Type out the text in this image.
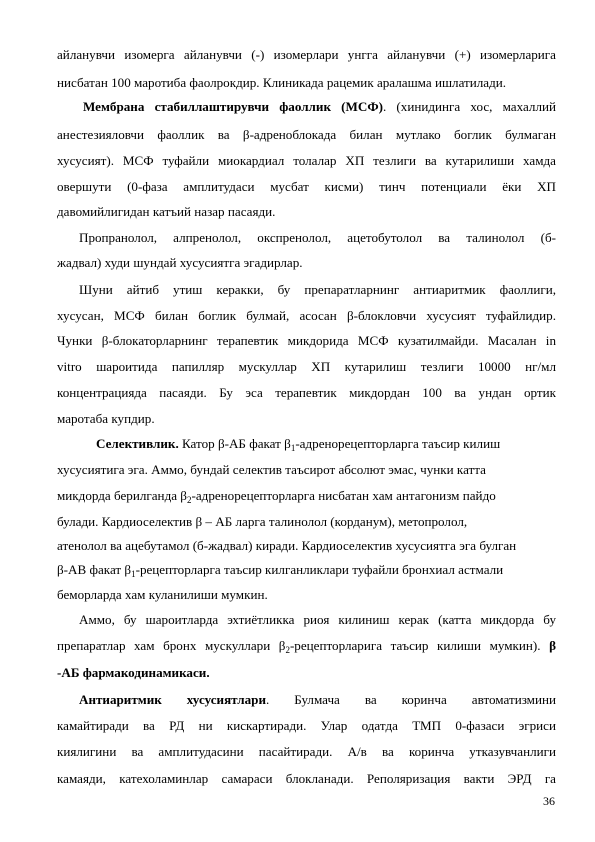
айланувчи изомерга айланувчи (-) изомерлари унгга айланувчи (+) изомерларига
нисбатан 100 маротиба фаолрокдир. Клиникада рацемик аралашма ишлатилади.
Мембрана стабиллаштирувчи фаоллик (МСФ). (хинидинга хос, махаллий
анестезияловчи фаоллик ва β-адреноблокада билан мутлако боглик булмаган
хусусият). МСФ туфайли миокардиал толалар ХП тезлиги ва кутарилиши хамда
овершути (0-фаза амплитудаси мусбат кисми) тинч потенциали ёки ХП
давомийлигидан катъий назар пасаяди.
Пропранолол, алпренолол, окспренолол, ацетобутолол ва талинолол (б-
жадвал) худи шундай хусусиятга эгадирлар.
Шуни айтиб утиш керакки, бу препаратларнинг антиаритмик фаоллиги,
хусусан, МСФ билан боглик булмай, асосан β-блокловчи хусусият туфайлидир.
Чунки β-блокаторларнинг терапевтик микдорида МСФ кузатилмайди. Масалан in
vitro шароитида папилляр мускуллар ХП кутарилиш тезлиги 10000 нг/мл
концентрацияда пасаяди. Бу эса терапевтик микдордан 100 ва ундан ортик
маротаба купдир.
Селективлик. Катор β-АБ факат $\beta_1$-адренорецепторларга таъсир килиш
хусусиятига эга. Аммо, бундай селектив таъсирот абсолют эмас, чунки катта
микдорда берилганда $\beta_2$-адренорецепторларга нисбатан хам антагонизм пайдо
булади. Кардиоселектив β – АБ ларга талинолол (корданум), метопролол,
атенолол ва ацебутамол (б-жадвал) киради. Кардиоселектив хусусиятга эга булган
β-АВ факат $\beta_1$-рецепторларга таъсир килганликлари туфайли бронхиал астмали
беморларда хам куланилиши мумкин.
Аммо, бу шароитларда эхтиётликка риоя килиниш керак (катта микдорда бу
препаратлар хам бронх мускуллари $\beta_2$-рецепторларига таъсир килиши мумкин). β
-АБ фармакодинамикаси.
Антиаритмик хусусиятлари. Булмача ва коринча автоматизмини
камайтиради ва РД ни кискартиради. Улар одатда ТМП 0-фазаси эгриси
киялигини ва амплитудасини пасайтиради. А/в ва коринча утказувчанлиги
камаяди, катехоламинлар самараси блокланади. Реполяризация вакти ЭРД га
36
